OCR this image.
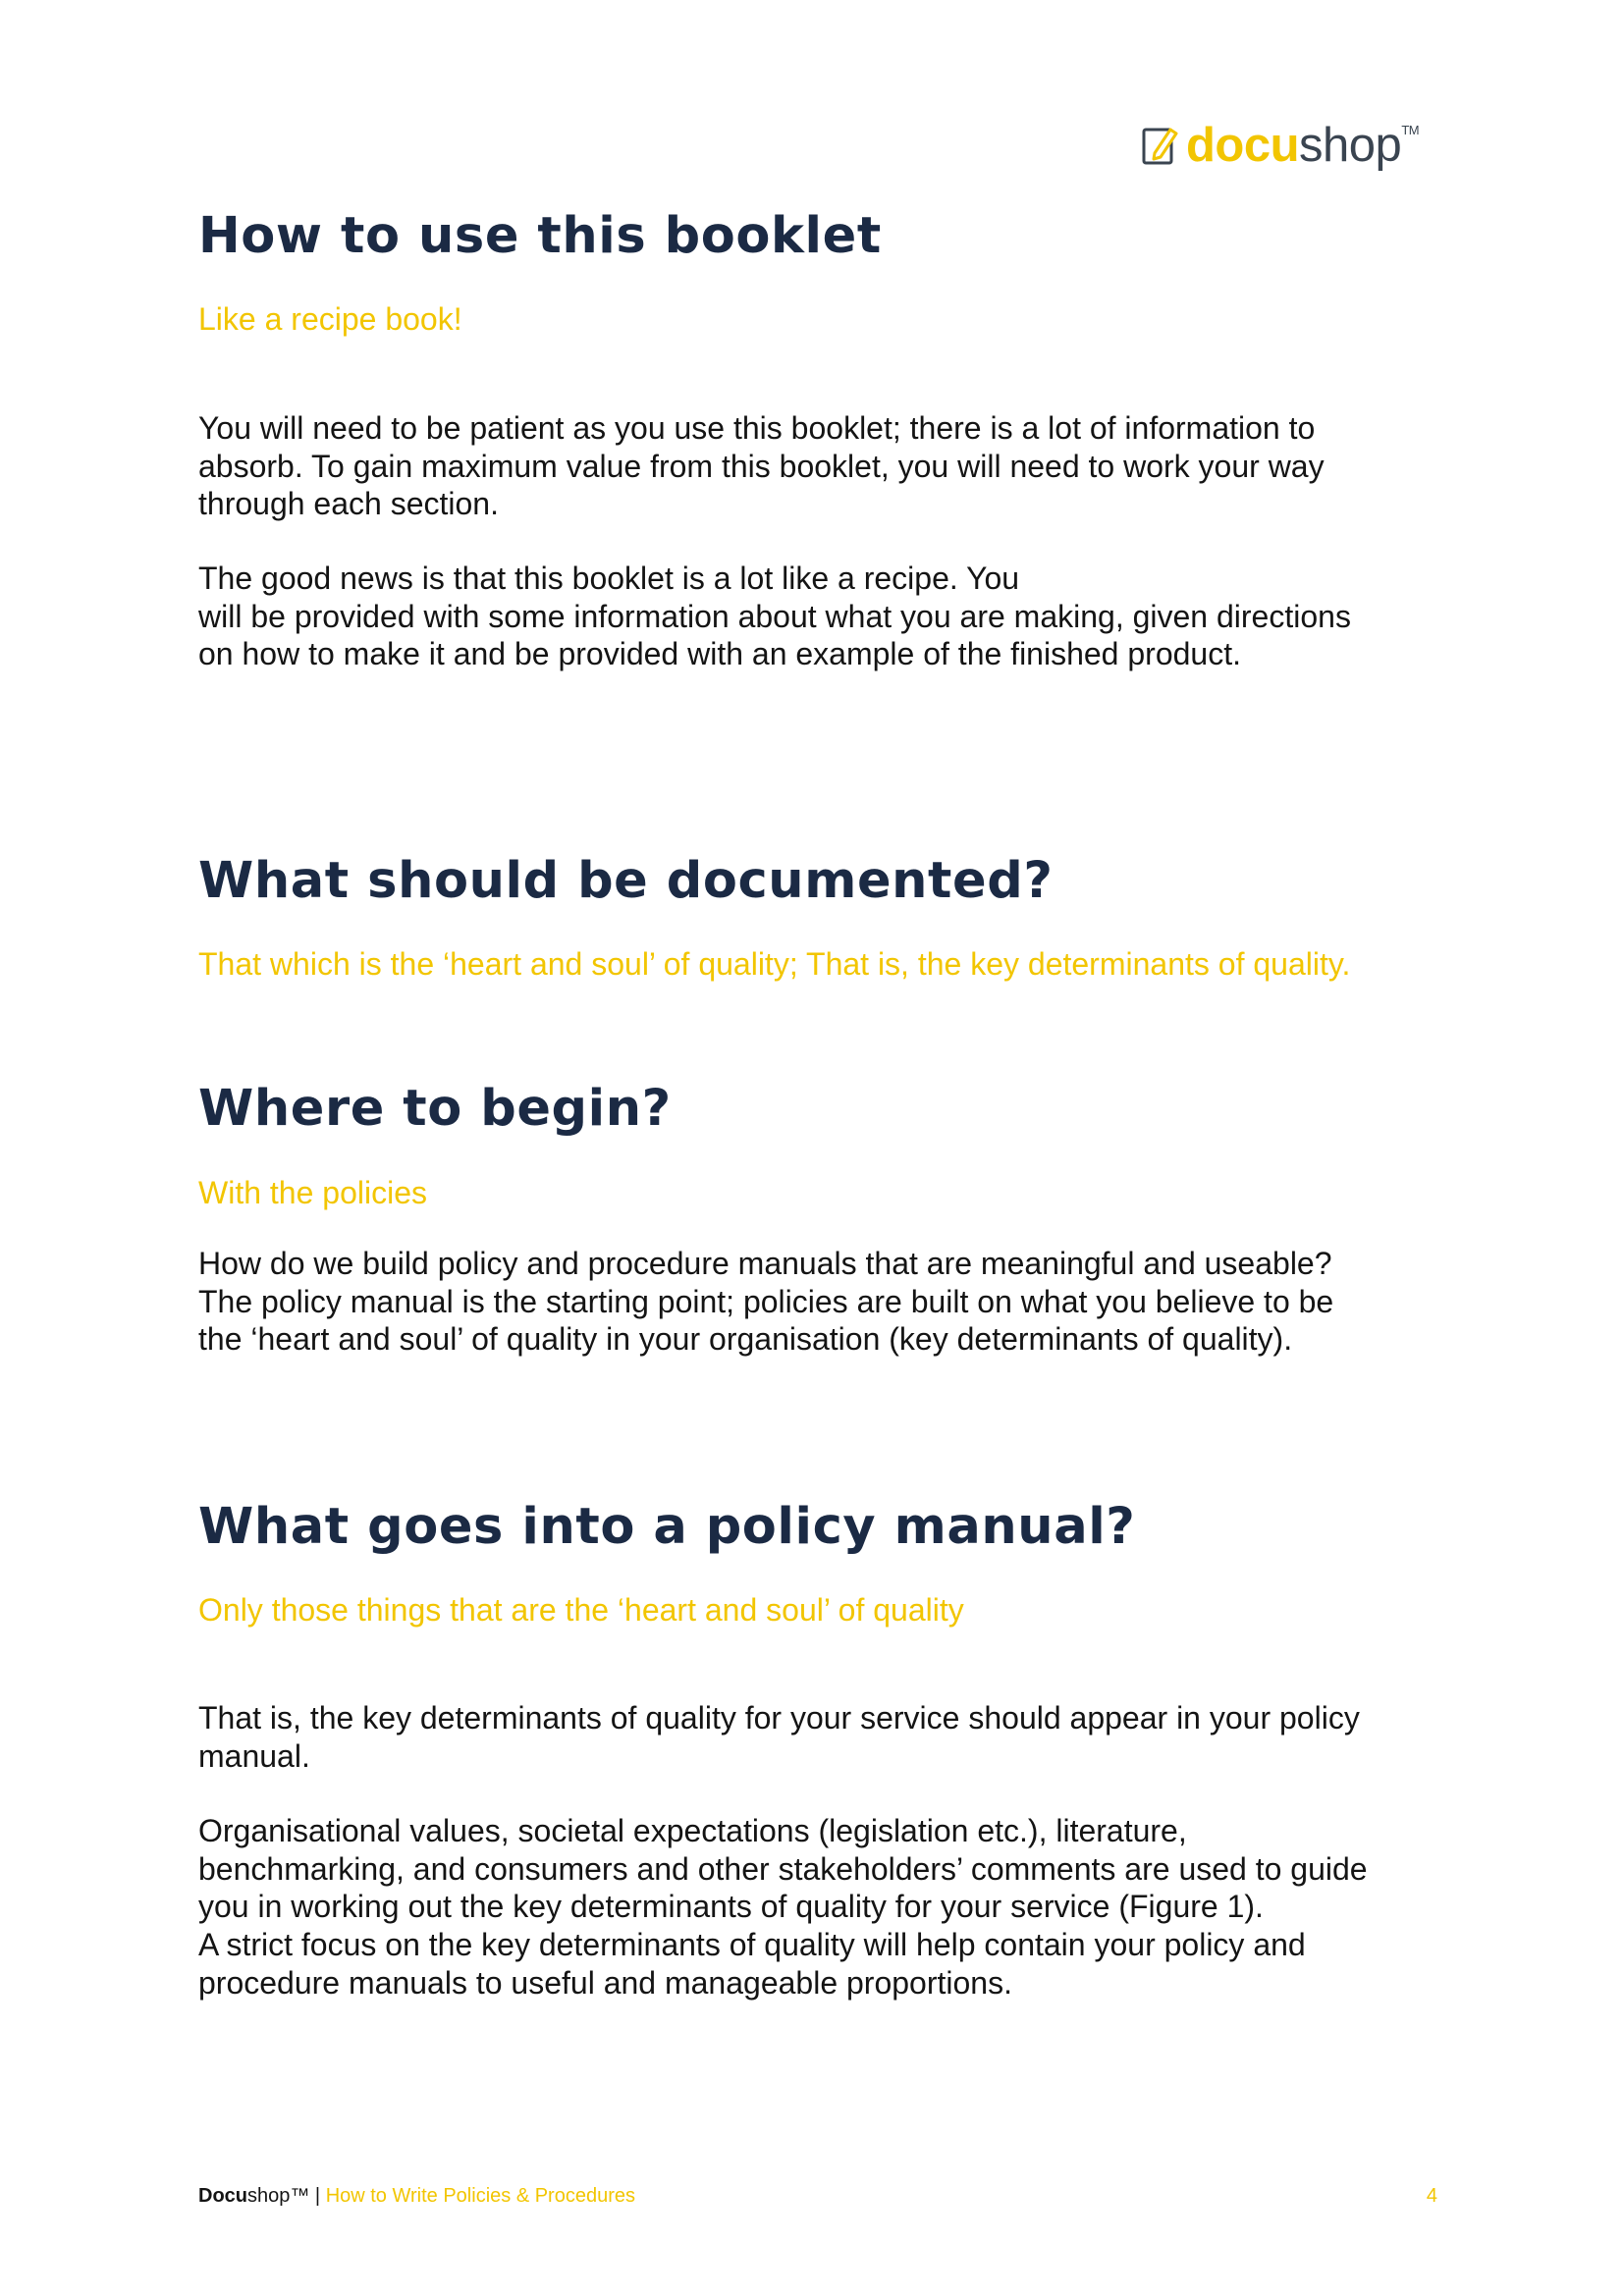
docushop™
How to use this booklet

Like a recipe book!

You will need to be patient as you use this booklet; there is a lot of information to
absorb. To gain maximum value from this booklet, you will need to work your way
through each section.

The good news is that this booklet is a lot like a recipe. You
will be provided with some information about what you are making, given directions
on how to make it and be provided with an example of the finished product.

What should be documented?

That which is the ‘heart and soul’ of quality; That is, the key determinants of quality.

Where to begin?

With the policies

How do we build policy and procedure manuals that are meaningful and useable?
The policy manual is the starting point; policies are built on what you believe to be
the ‘heart and soul’ of quality in your organisation (key determinants of quality).

What goes into a policy manual?

Only those things that are the ‘heart and soul’ of quality

That is, the key determinants of quality for your service should appear in your policy
manual.

Organisational values, societal expectations (legislation etc.), literature,
benchmarking, and consumers and other stakeholders’ comments are used to guide
you in working out the key determinants of quality for your service (Figure 1).
A strict focus on the key determinants of quality will help contain your policy and
procedure manuals to useful and manageable proportions.

Docushop™ | How to Write Policies & Procedures	4
